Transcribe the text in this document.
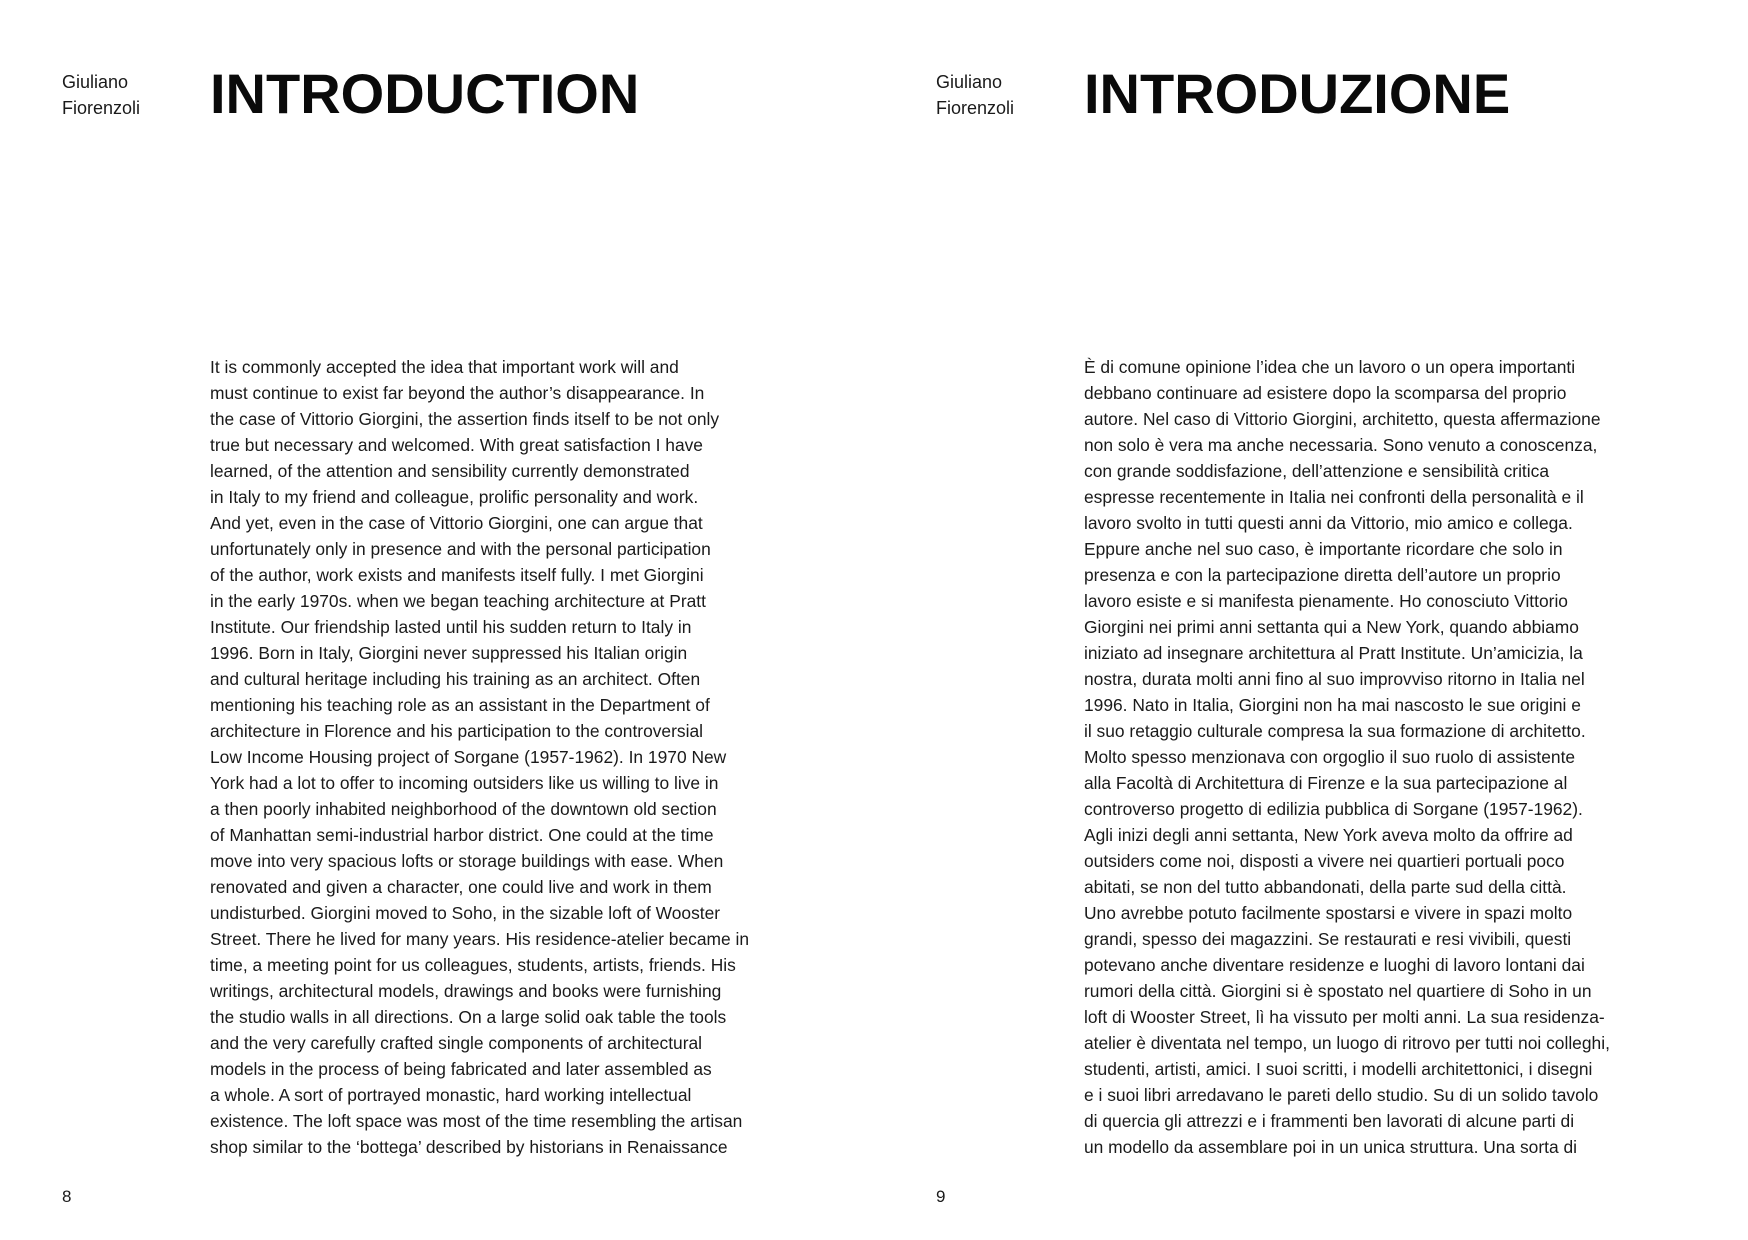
Giuliano
Fiorenzoli INTRODUCTION
It is commonly accepted the idea that important work will and
must continue to exist far beyond the author’s disappearance. In
the case of Vittorio Giorgini, the assertion finds itself to be not only
true but necessary and welcomed. With great satisfaction I have
learned, of the attention and sensibility currently demonstrated
in Italy to my friend and colleague, prolific personality and work.
And yet, even in the case of Vittorio Giorgini, one can argue that
unfortunately only in presence and with the personal participation
of the author, work exists and manifests itself fully. I met Giorgini
in the early 1970s. when we began teaching architecture at Pratt
Institute. Our friendship lasted until his sudden return to Italy in
1996. Born in Italy, Giorgini never suppressed his Italian origin
and cultural heritage including his training as an architect. Often
mentioning his teaching role as an assistant in the Department of
architecture in Florence and his participation to the controversial
Low Income Housing project of Sorgane (1957-1962). In 1970 New
York had a lot to offer to incoming outsiders like us willing to live in
a then poorly inhabited neighborhood of the downtown old section
of Manhattan semi-industrial harbor district. One could at the time
move into very spacious lofts or storage buildings with ease. When
renovated and given a character, one could live and work in them
undisturbed. Giorgini moved to Soho, in the sizable loft of Wooster
Street. There he lived for many years. His residence-atelier became in
time, a meeting point for us colleagues, students, artists, friends. His
writings, architectural models, drawings and books were furnishing
the studio walls in all directions. On a large solid oak table the tools
and the very carefully crafted single components of architectural
models in the process of being fabricated and later assembled as
a whole. A sort of portrayed monastic, hard working intellectual
existence. The loft space was most of the time resembling the artisan
shop similar to the ‘bottega’ described by historians in Renaissance
8
Giuliano
Fiorenzoli INTRODUZIONE
È di comune opinione l’idea che un lavoro o un opera importanti
debbano continuare ad esistere dopo la scomparsa del proprio
autore. Nel caso di Vittorio Giorgini, architetto, questa affermazione
non solo è vera ma anche necessaria. Sono venuto a conoscenza,
con grande soddisfazione, dell’attenzione e sensibilità critica
espresse recentemente in Italia nei confronti della personalità e il
lavoro svolto in tutti questi anni da Vittorio, mio amico e collega.
Eppure anche nel suo caso, è importante ricordare che solo in
presenza e con la partecipazione diretta dell’autore un proprio
lavoro esiste e si manifesta pienamente. Ho conosciuto Vittorio
Giorgini nei primi anni settanta qui a New York, quando abbiamo
iniziato ad insegnare architettura al Pratt Institute. Un’amicizia, la
nostra, durata molti anni fino al suo improvviso ritorno in Italia nel
1996. Nato in Italia, Giorgini non ha mai nascosto le sue origini e
il suo retaggio culturale compresa la sua formazione di architetto.
Molto spesso menzionava con orgoglio il suo ruolo di assistente
alla Facoltà di Architettura di Firenze e la sua partecipazione al
controverso progetto di edilizia pubblica di Sorgane (1957-1962).
Agli inizi degli anni settanta, New York aveva molto da offrire ad
outsiders come noi, disposti a vivere nei quartieri portuali poco
abitati, se non del tutto abbandonati, della parte sud della città.
Uno avrebbe potuto facilmente spostarsi e vivere in spazi molto
grandi, spesso dei magazzini. Se restaurati e resi vivibili, questi
potevano anche diventare residenze e luoghi di lavoro lontani dai
rumori della città. Giorgini si è spostato nel quartiere di Soho in un
loft di Wooster Street, lì ha vissuto per molti anni. La sua residenza-
atelier è diventata nel tempo, un luogo di ritrovo per tutti noi colleghi,
studenti, artisti, amici. I suoi scritti, i modelli architettonici, i disegni
e i suoi libri arredavano le pareti dello studio. Su di un solido tavolo
di quercia gli attrezzi e i frammenti ben lavorati di alcune parti di
un modello da assemblare poi in un unica struttura. Una sorta di
9
